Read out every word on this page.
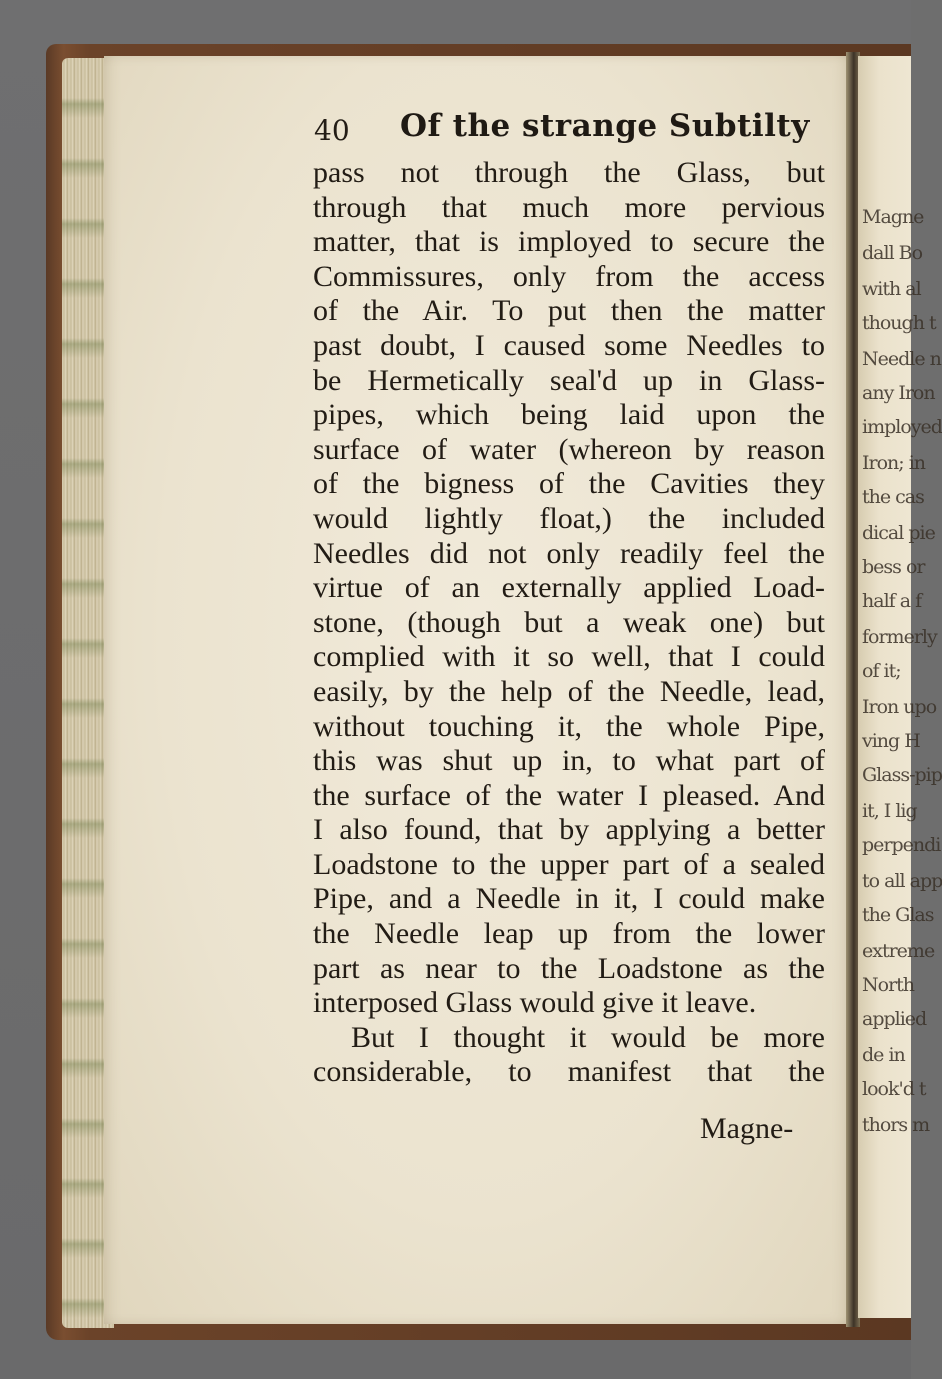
40 Of the strange Subtilty
pass not through the Glass, but
through that much more pervious
matter, that is imployed to secure the
Commissures, only from the access
of the Air. To put then the matter
past doubt, I caused some Needles to
be Hermetically seal'd up in Glass-
pipes, which being laid upon the
surface of water (whereon by reason
of the bigness of the Cavities they
would lightly float,) the included
Needles did not only readily feel the
virtue of an externally applied Load-
stone, (though but a weak one) but
complied with it so well, that I could
easily, by the help of the Needle, lead,
without touching it, the whole Pipe,
this was shut up in, to what part of
the surface of the water I pleased. And
I also found, that by applying a better
Loadstone to the upper part of a sealed
Pipe, and a Needle in it, I could make
the Needle leap up from the lower
part as near to the Loadstone as the
interposed Glass would give it leave.
But I thought it would be more
considerable, to manifest that the
Magne-
Magne
dall Bo
with al
though t
Needle n
any Iron
imployed
Iron; in
the cas
dical pie
bess or
half a f
formerly
of it;
Iron upo
ving H
Glass-pip
it, I lig
perpendi
to all app
the Glas
extreme
North
applied
de in
look'd t
thors m
